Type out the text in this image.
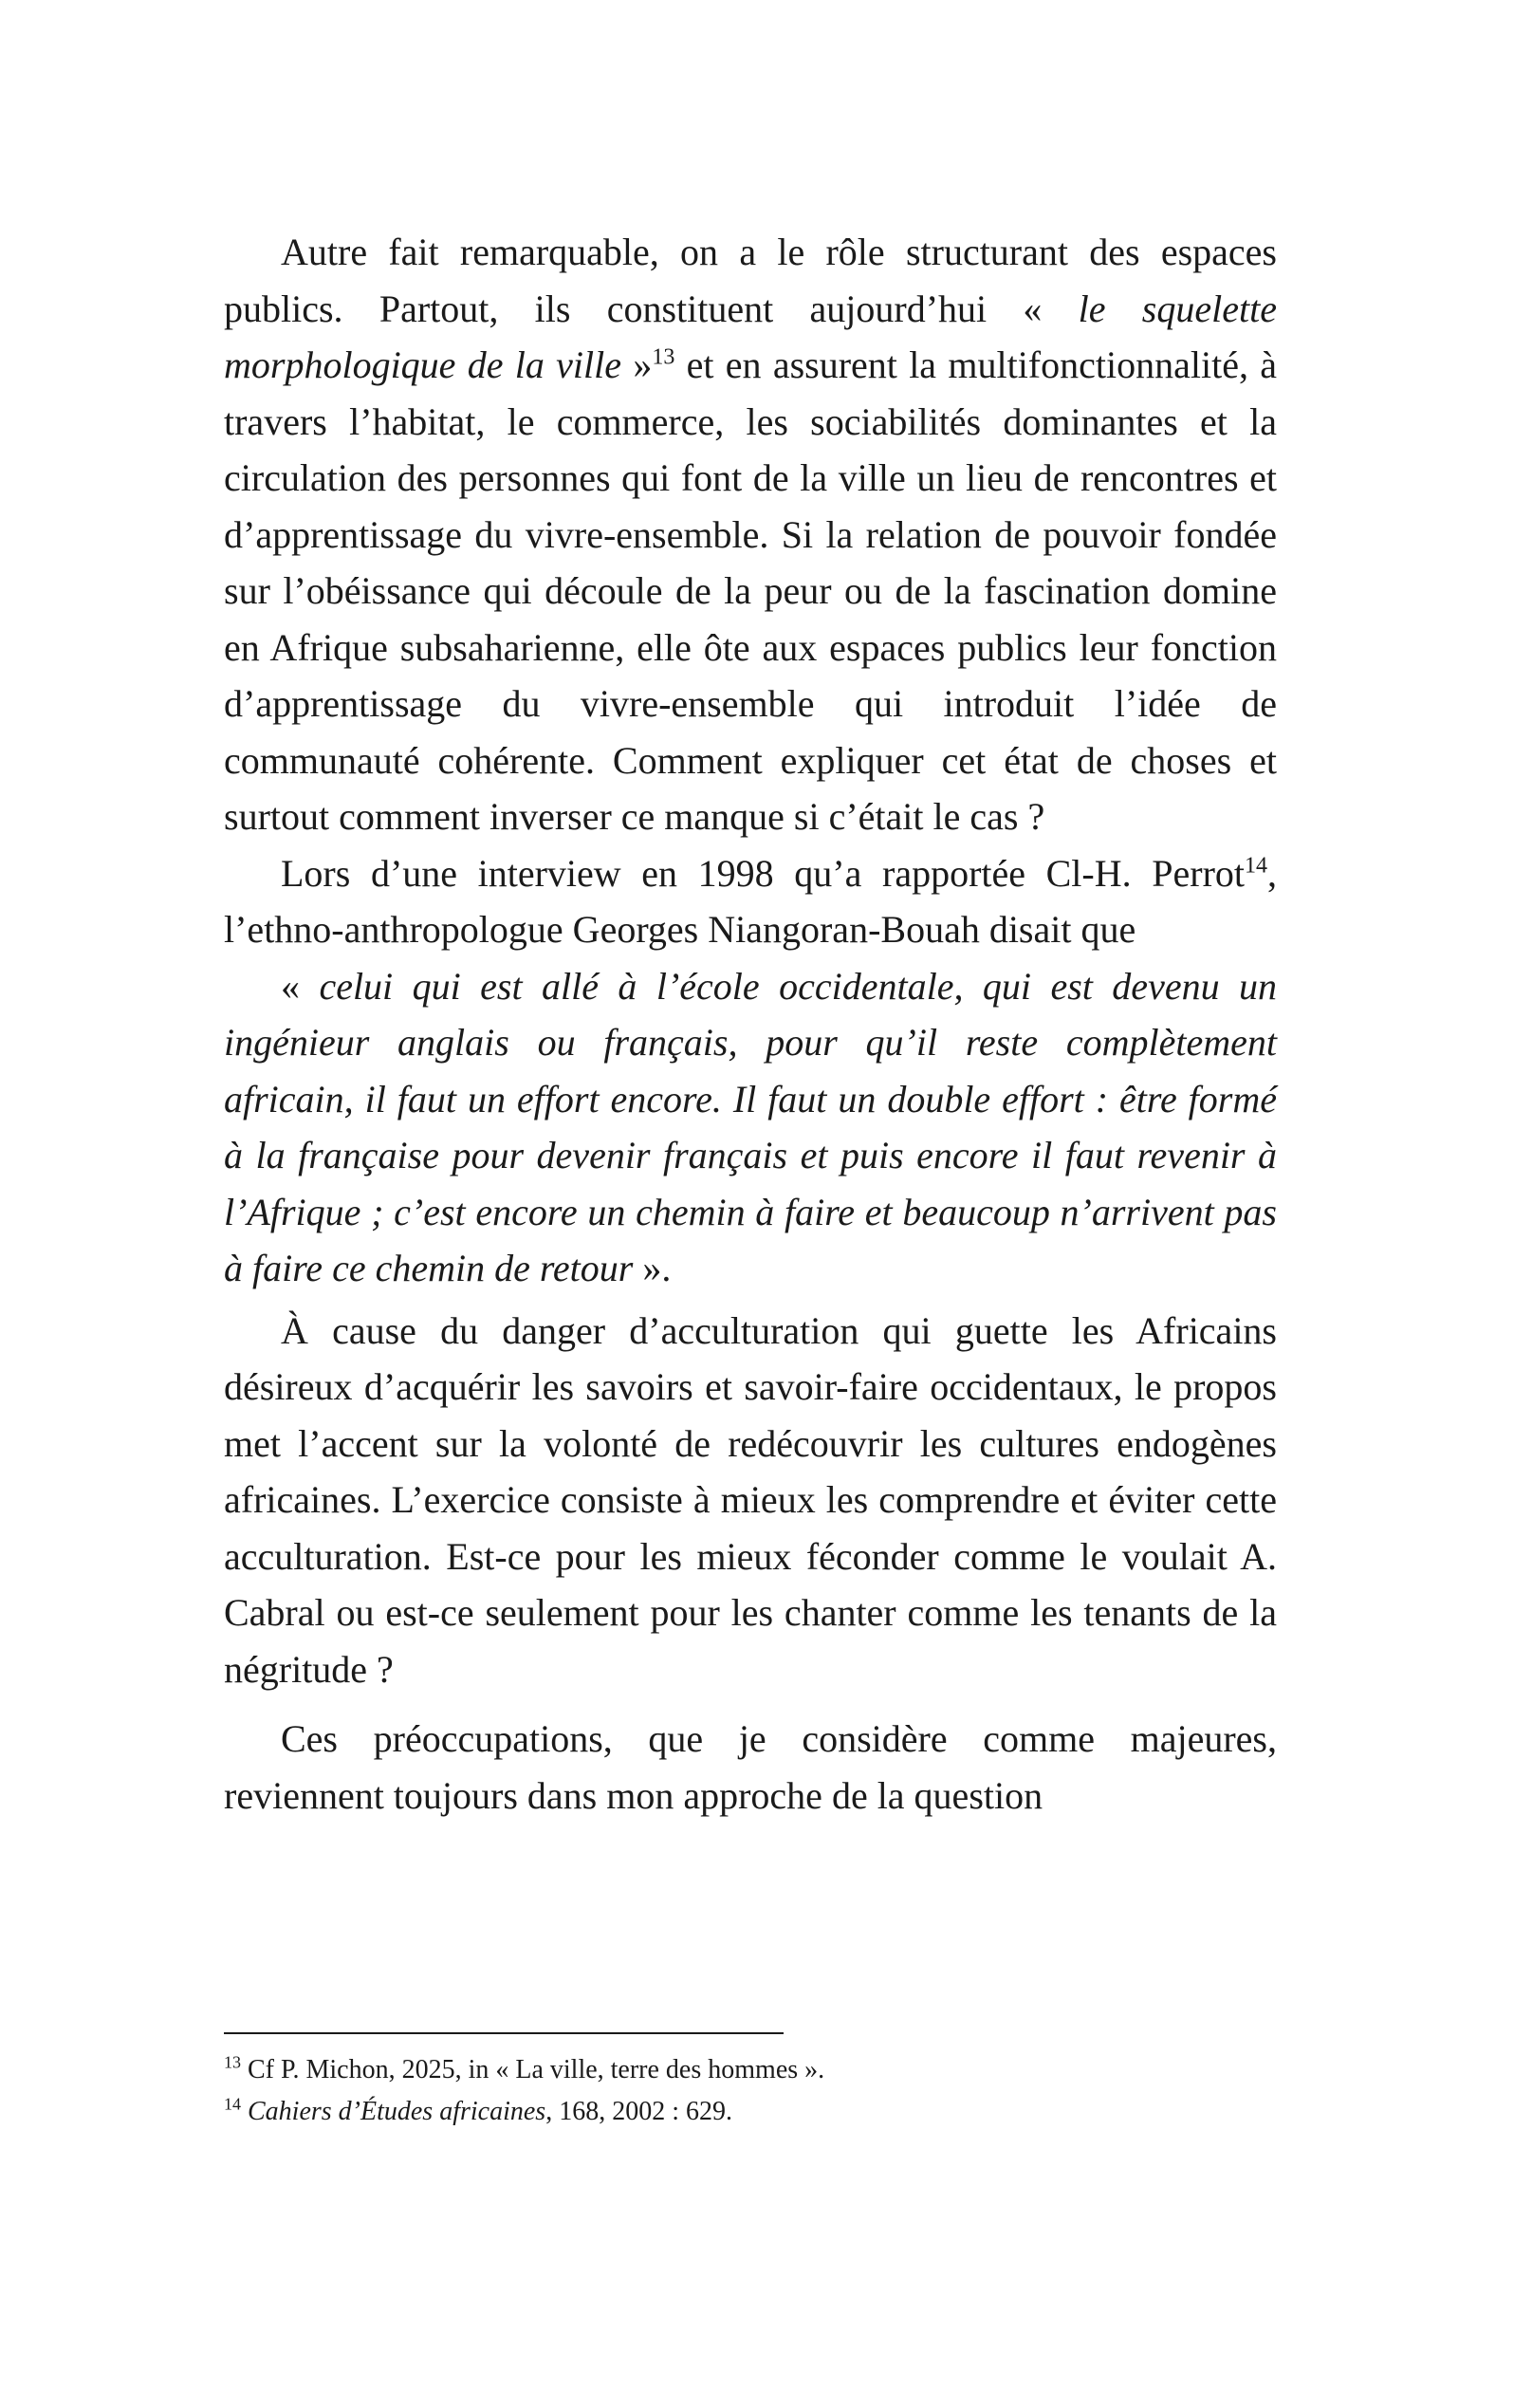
Autre fait remarquable, on a le rôle structurant des espaces publics. Partout, ils constituent aujourd’hui « le squelette morphologique de la ville »$^{13}$ et en assurent la multifonctionnalité, à travers l’habitat, le commerce, les sociabilités dominantes et la circulation des personnes qui font de la ville un lieu de rencontres et d’apprentissage du vivre-ensemble. Si la relation de pouvoir fondée sur l’obéissance qui découle de la peur ou de la fascination domine en Afrique subsaharienne, elle ôte aux espaces publics leur fonction d’apprentissage du vivre-ensemble qui introduit l’idée de communauté cohérente. Comment expliquer cet état de choses et surtout comment inverser ce manque si c’était le cas ?

Lors d’une interview en 1998 qu’a rapportée Cl-H. Perrot$^{14}$, l’ethno-anthropologue Georges Niangoran-Bouah disait que

« celui qui est allé à l’école occidentale, qui est devenu un ingénieur anglais ou français, pour qu’il reste complètement africain, il faut un effort encore. Il faut un double effort : être formé à la française pour devenir français et puis encore il faut revenir à l’Afrique ; c’est encore un chemin à faire et beaucoup n’arrivent pas à faire ce chemin de retour ».

À cause du danger d’acculturation qui guette les Africains désireux d’acquérir les savoirs et savoir-faire occidentaux, le propos met l’accent sur la volonté de redécouvrir les cultures endogènes africaines. L’exercice consiste à mieux les comprendre et éviter cette acculturation. Est-ce pour les mieux féconder comme le voulait A. Cabral ou est-ce seulement pour les chanter comme les tenants de la négritude ?

Ces préoccupations, que je considère comme majeures, reviennent toujours dans mon approche de la question

$^{13}$ Cf P. Michon, 2025, in « La ville, terre des hommes ».

$^{14}$ Cahiers d’Études africaines, 168, 2002 : 629.
